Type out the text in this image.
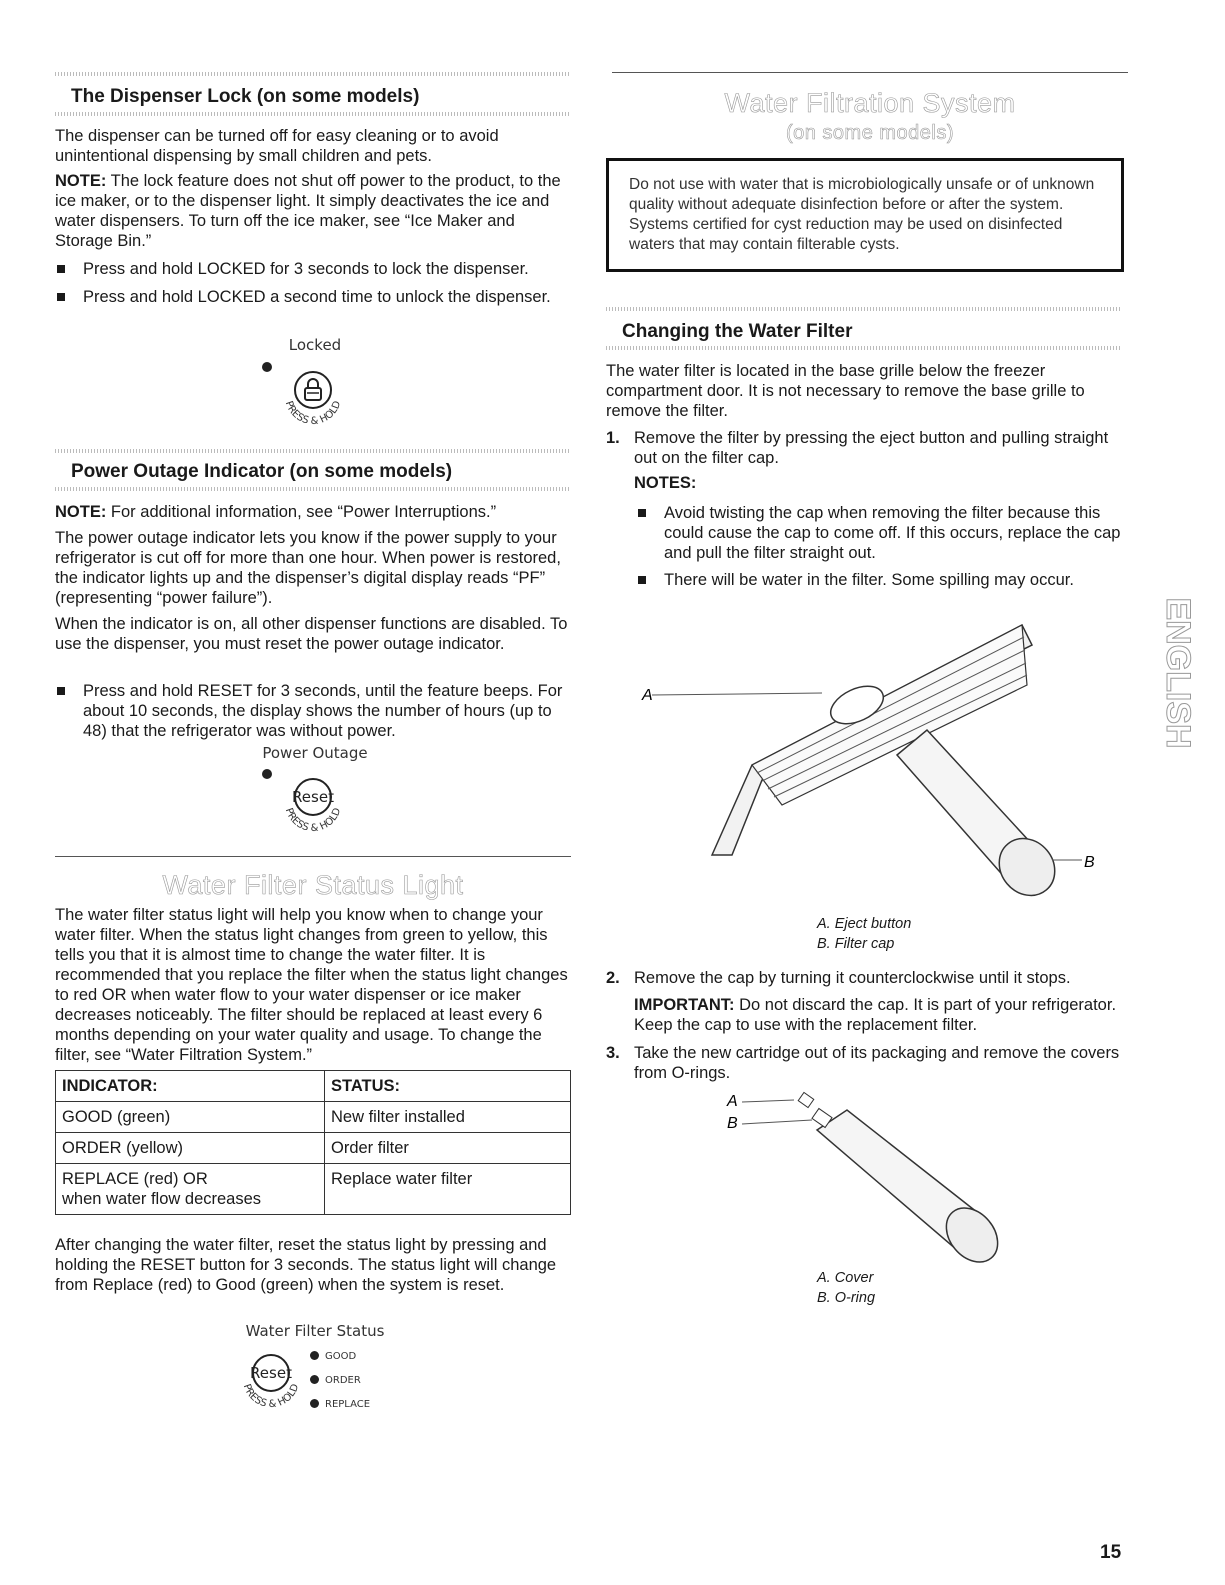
The Dispenser Lock (on some models)

The dispenser can be turned off for easy cleaning or to avoid unintentional dispensing by small children and pets.

NOTE: The lock feature does not shut off power to the product, to the ice maker, or to the dispenser light. It simply deactivates the ice and water dispensers. To turn off the ice maker, see “Ice Maker and Storage Bin.”

Press and hold LOCKED for 3 seconds to lock the dispenser.
Press and hold LOCKED a second time to unlock the dispenser.
Locked
PRESS & HOLD
Power Outage Indicator (on some models)

NOTE: For additional information, see “Power Interruptions.”

The power outage indicator lets you know if the power supply to your refrigerator is cut off for more than one hour. When power is restored, the indicator lights up and the dispenser’s digital display reads “PF” (representing “power failure”).

When the indicator is on, all other dispenser functions are disabled. To use the dispenser, you must reset the power outage indicator.

Press and hold RESET for 3 seconds, until the feature beeps. For about 10 seconds, the display shows the number of hours (up to 48) that the refrigerator was without power.
Power Outage
Reset
PRESS & HOLD
Water Filter Status Light

The water filter status light will help you know when to change your water filter. When the status light changes from green to yellow, this tells you that it is almost time to change the water filter. It is recommended that you replace the filter when the status light changes to red OR when water flow to your water dispenser or ice maker decreases noticeably. The filter should be replaced at least every 6 months depending on your water quality and usage. To change the filter, see “Water Filtration System.”

INDICATOR:	STATUS:
GOOD (green)	New filter installed
ORDER (yellow)	Order filter
REPLACE (red) OR
when water flow decreases	Replace water filter

After changing the water filter, reset the status light by pressing and holding the RESET button for 3 seconds. The status light will change from Replace (red) to Good (green) when the system is reset.

Water Filter Status
Reset
PRESS & HOLD
GOOD
ORDER
REPLACE
Water Filtration System
(on some models)
Do not use with water that is microbiologically unsafe or of unknown quality without adequate disinfection before or after the system. Systems certified for cyst reduction may be used on disinfected waters that may contain filterable cysts.
Changing the Water Filter

The water filter is located in the base grille below the freezer compartment door. It is not necessary to remove the base grille to remove the filter.

1. Remove the filter by pressing the eject button and pulling straight out on the filter cap.
NOTES:
Avoid twisting the cap when removing the filter because this could cause the cap to come off. If this occurs, replace the cap and pull the filter straight out.
There will be water in the filter. Some spilling may occur.
A
B
A. Eject button
B. Filter cap
2. Remove the cap by turning it counterclockwise until it stops.

IMPORTANT: Do not discard the cap. It is part of your refrigerator. Keep the cap to use with the replacement filter.

3. Take the new cartridge out of its packaging and remove the covers from O-rings.
A
B
A. Cover
B. O-ring
ENGLISH
15
